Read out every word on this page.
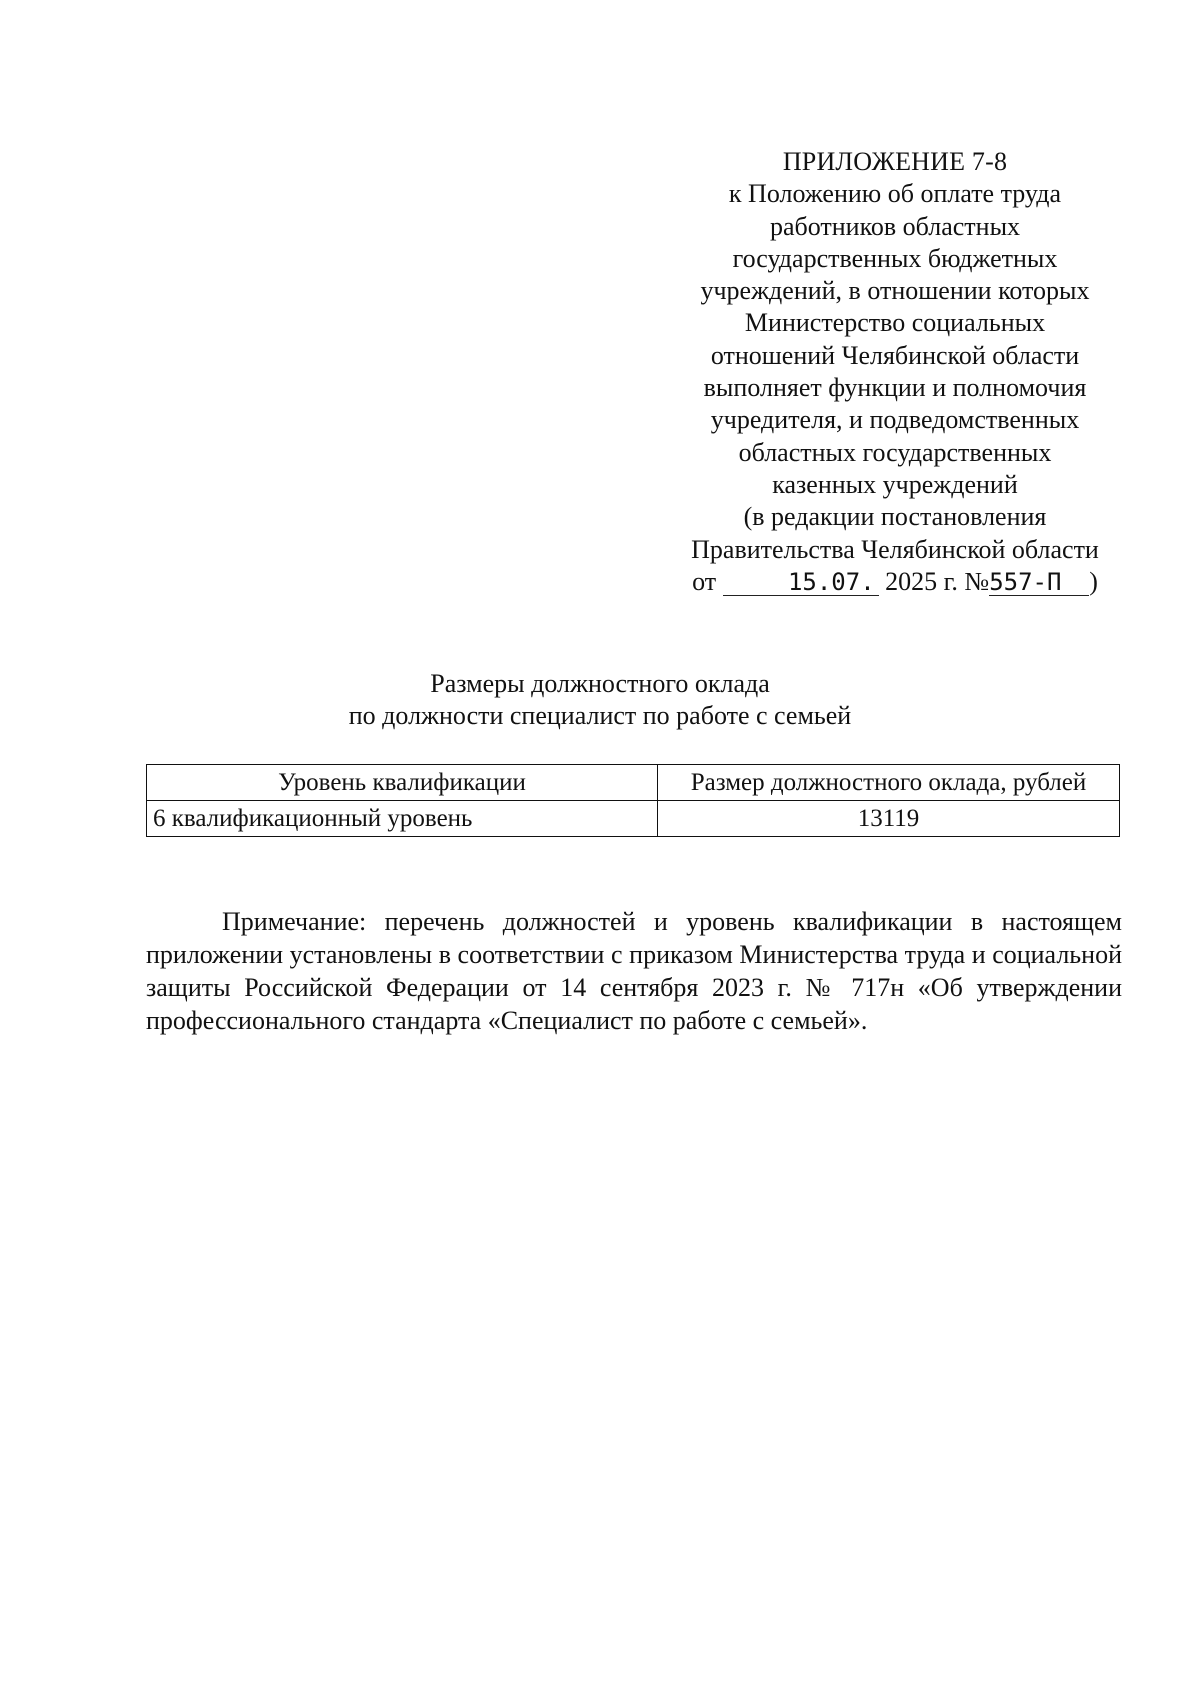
ПРИЛОЖЕНИЕ 7-8
к Положению об оплате труда
работников областных
государственных бюджетных
учреждений, в отношении которых
Министерство социальных
отношений Челябинской области
выполняет функции и полномочия
учредителя, и подведомственных
областных государственных
казенных учреждений
(в редакции постановления
Правительства Челябинской области
от	15.07. 2025 г. №557-П )
Размеры должностного оклада
по должности специалист по работе с семьей
Уровень квалификации	Размер должностного оклада, рублей
6 квалификационный уровень	13119

Примечание: перечень должностей и уровень квалификации в настоящем приложении установлены в соответствии с приказом Министерства труда и социальной защиты Российской Федерации от 14 сентября 2023 г. № 717н «Об утверждении профессионального стандарта «Специалист по работе с семьей».
